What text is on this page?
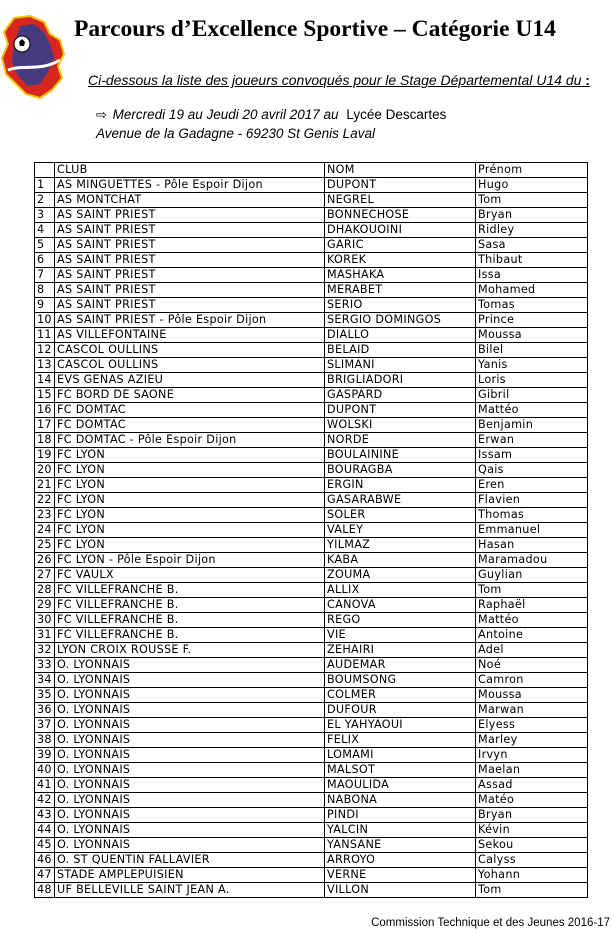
Parcours d’Excellence Sportive – Catégorie U14
Ci-dessous la liste des joueurs convoqués pour le Stage Départemental U14 du :
⇨ Mercredi 19 au Jeudi 20 avril 2017 au Lycée Descartes
Avenue de la Gadagne - 69230 St Genis Laval
	CLUB	NOM	Prénom
1	AS MINGUETTES - Pôle Espoir Dijon	DUPONT	Hugo
2	AS MONTCHAT	NEGREL	Tom
3	AS SAINT PRIEST	BONNECHOSE	Bryan
4	AS SAINT PRIEST	DHAKOUOINI	Ridley
5	AS SAINT PRIEST	GARIC	Sasa
6	AS SAINT PRIEST	KOREK	Thibaut
7	AS SAINT PRIEST	MASHAKA	Issa
8	AS SAINT PRIEST	MERABET	Mohamed
9	AS SAINT PRIEST	SERIO	Tomas
10	AS SAINT PRIEST - Pôle Espoir Dijon	SERGIO DOMINGOS	Prince
11	AS VILLEFONTAINE	DIALLO	Moussa
12	CASCOL OULLINS	BELAID	Bilel
13	CASCOL OULLINS	SLIMANI	Yanis
14	EVS GENAS AZIEU	BRIGLIADORI	Loris
15	FC BORD DE SAONE	GASPARD	Gibril
16	FC DOMTAC	DUPONT	Mattéo
17	FC DOMTAC	WOLSKI	Benjamin
18	FC DOMTAC - Pôle Espoir Dijon	NORDE	Erwan
19	FC LYON	BOULAININE	Issam
20	FC LYON	BOURAGBA	Qais
21	FC LYON	ERGIN	Eren
22	FC LYON	GASARABWE	Flavien
23	FC LYON	SOLER	Thomas
24	FC LYON	VALEY	Emmanuel
25	FC LYON	YILMAZ	Hasan
26	FC LYON - Pôle Espoir Dijon	KABA	Maramadou
27	FC VAULX	ZOUMA	Guylian
28	FC VILLEFRANCHE B.	ALLIX	Tom
29	FC VILLEFRANCHE B.	CANOVA	Raphaël
30	FC VILLEFRANCHE B.	REGO	Mattéo
31	FC VILLEFRANCHE B.	VIE	Antoine
32	LYON CROIX ROUSSE F.	ZEHAIRI	Adel
33	O. LYONNAIS	AUDEMAR	Noé
34	O. LYONNAIS	BOUMSONG	Camron
35	O. LYONNAIS	COLMER	Moussa
36	O. LYONNAIS	DUFOUR	Marwan
37	O. LYONNAIS	EL YAHYAOUI	Elyess
38	O. LYONNAIS	FELIX	Marley
39	O. LYONNAIS	LOMAMI	Irvyn
40	O. LYONNAIS	MALSOT	Maelan
41	O. LYONNAIS	MAOULIDA	Assad
42	O. LYONNAIS	NABONA	Matéo
43	O. LYONNAIS	PINDI	Bryan
44	O. LYONNAIS	YALCIN	Kévin
45	O. LYONNAIS	YANSANE	Sekou
46	O. ST QUENTIN FALLAVIER	ARROYO	Calyss
47	STADE AMPLEPUISIEN	VERNE	Yohann
48	UF BELLEVILLE SAINT JEAN A.	VILLON	Tom
Commission Technique et des Jeunes 2016-17
